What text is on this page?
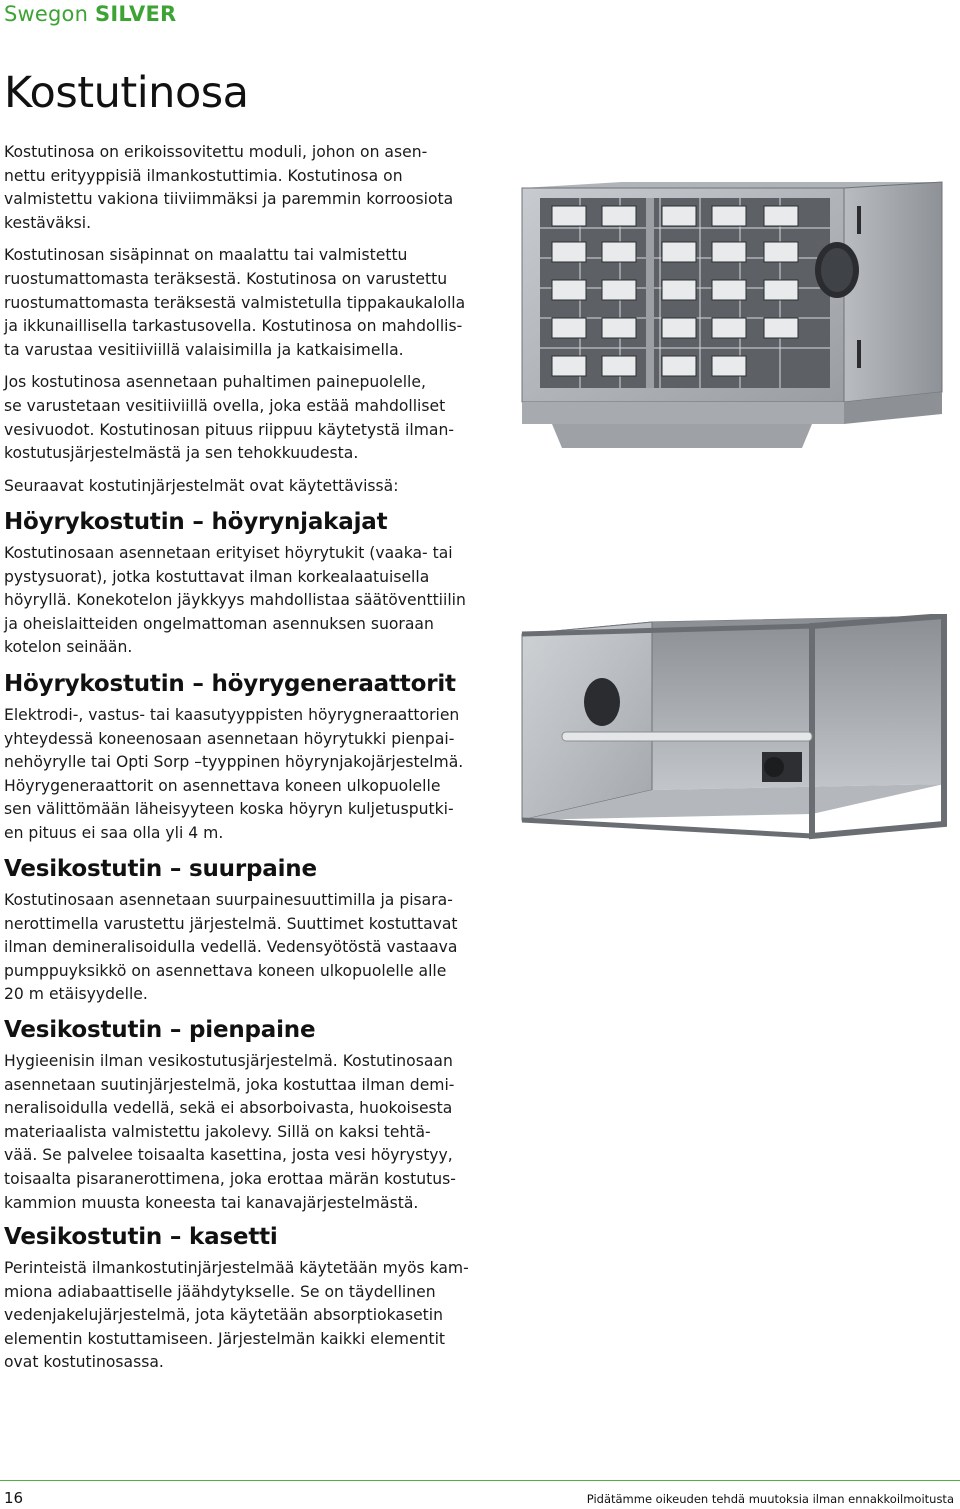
Swegon SILVER
Kostutinosa

Kostutinosa on erikoissovitettu moduli, johon on asen-
nettu erityyppisiä ilmankostuttimia. Kostutinosa on
valmistettu vakiona tiiviimmäksi ja paremmin korroosiota
kestäväksi.

Kostutinosan sisäpinnat on maalattu tai valmistettu
ruostumattomasta teräksestä. Kostutinosa on varustettu
ruostumattomasta teräksestä valmistetulla tippakaukalolla
ja ikkunaillisella tarkastusovella. Kostutinosa on mahdollis-
ta varustaa vesitiiviillä valaisimilla ja katkaisimella.

Jos kostutinosa asennetaan puhaltimen painepuolelle,
se varustetaan vesitiiviillä ovella, joka estää mahdolliset
vesivuodot. Kostutinosan pituus riippuu käytetystä ilman-
kostutusjärjestelmästä ja sen tehokkuudesta.

Seuraavat kostutinjärjestelmät ovat käytettävissä:

Höyrykostutin – höyrynjakajat

Kostutinosaan asennetaan erityiset höyrytukit (vaaka- tai
pystysuorat), jotka kostuttavat ilman korkealaatuisella
höyryllä. Konekotelon jäykkyys mahdollistaa säätöventtiilin
ja oheislaitteiden ongelmattoman asennuksen suoraan
kotelon seinään.

Höyrykostutin – höyrygeneraattorit

Elektrodi-, vastus- tai kaasutyyppisten höyrygneraattorien
yhteydessä koneenosaan asennetaan höyrytukki pienpai-
nehöyrylle tai Opti Sorp –tyyppinen höyrynjakojärjestelmä.
Höyrygeneraattorit on asennettava koneen ulkopuolelle
sen välittömään läheisyyteen koska höyryn kuljetusputki-
en pituus ei saa olla yli 4 m.

Vesikostutin – suurpaine

Kostutinosaan asennetaan suurpainesuuttimilla ja pisara-
nerottimella varustettu järjestelmä. Suuttimet kostuttavat
ilman demineralisoidulla vedellä. Vedensyötöstä vastaava
pumppuyksikkö on asennettava koneen ulkopuolelle alle
20 m etäisyydelle.

Vesikostutin – pienpaine

Hygieenisin ilman vesikostutusjärjestelmä. Kostutinosaan
asennetaan suutinjärjestelmä, joka kostuttaa ilman demi-
neralisoidulla vedellä, sekä ei absorboivasta, huokoisesta
materiaalista valmistettu jakolevy. Sillä on kaksi tehtä-
vää. Se palvelee toisaalta kasettina, josta vesi höyrystyy,
toisaalta pisaranerottimena, joka erottaa märän kostutus-
kammion muusta koneesta tai kanavajärjestelmästä.

Vesikostutin – kasetti

Perinteistä ilmankostutinjärjestelmää käytetään myös kam-
miona adiabaattiselle jäähdytykselle. Se on täydellinen
vedenjakelujärjestelmä, jota käytetään absorptiokasetin
elementin kostuttamiseen. Järjestelmän kaikki elementit
ovat kostutinosassa.

16	Pidätämme oikeuden tehdä muutoksia ilman ennakkoilmoitusta
